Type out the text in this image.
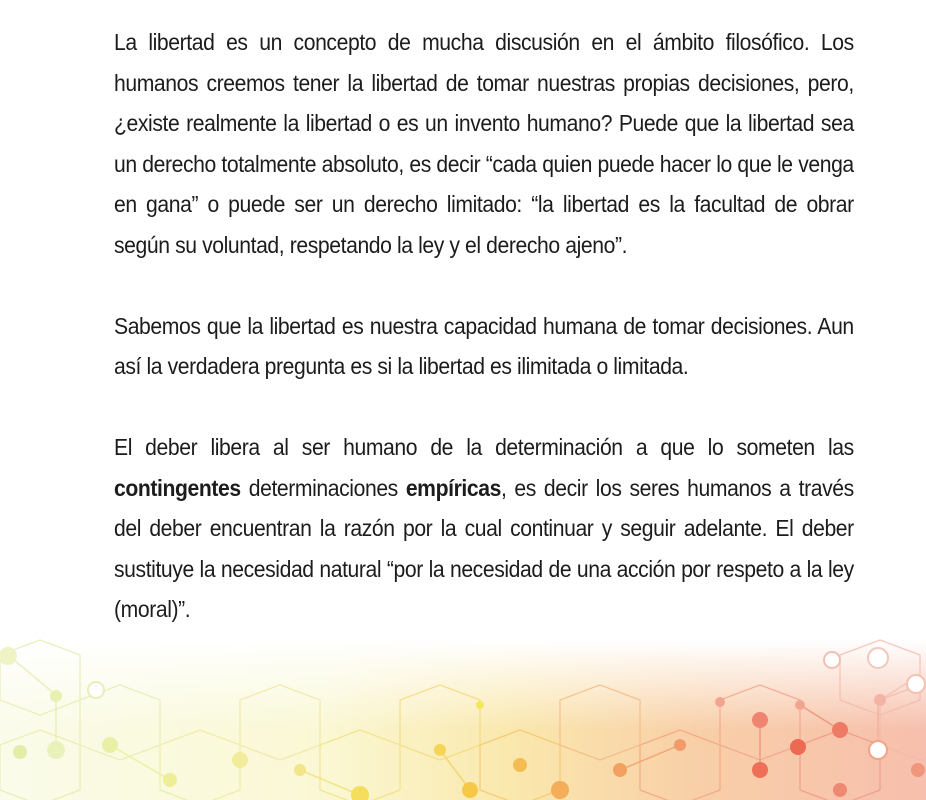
La libertad es un concepto de mucha discusión en el ámbito filosófico. Los humanos creemos tener la libertad de tomar nuestras propias decisiones, pero, ¿existe realmente la libertad o es un invento humano? Puede que la libertad sea un derecho totalmente absoluto, es decir “cada quien puede hacer lo que le venga en gana” o puede ser un derecho limitado: “la libertad es la facultad de obrar según su voluntad, respetando la ley y el derecho ajeno”.

Sabemos que la libertad es nuestra capacidad humana de tomar decisiones. Aun así la verdadera pregunta es si la libertad es ilimitada o limitada.

El deber libera al ser humano de la determinación a que lo someten las contingentes determinaciones empíricas, es decir los seres humanos a través del deber encuentran la razón por la cual continuar y seguir adelante. El deber sustituye la necesidad natural “por la necesidad de una acción por respeto a la ley (moral)”.
